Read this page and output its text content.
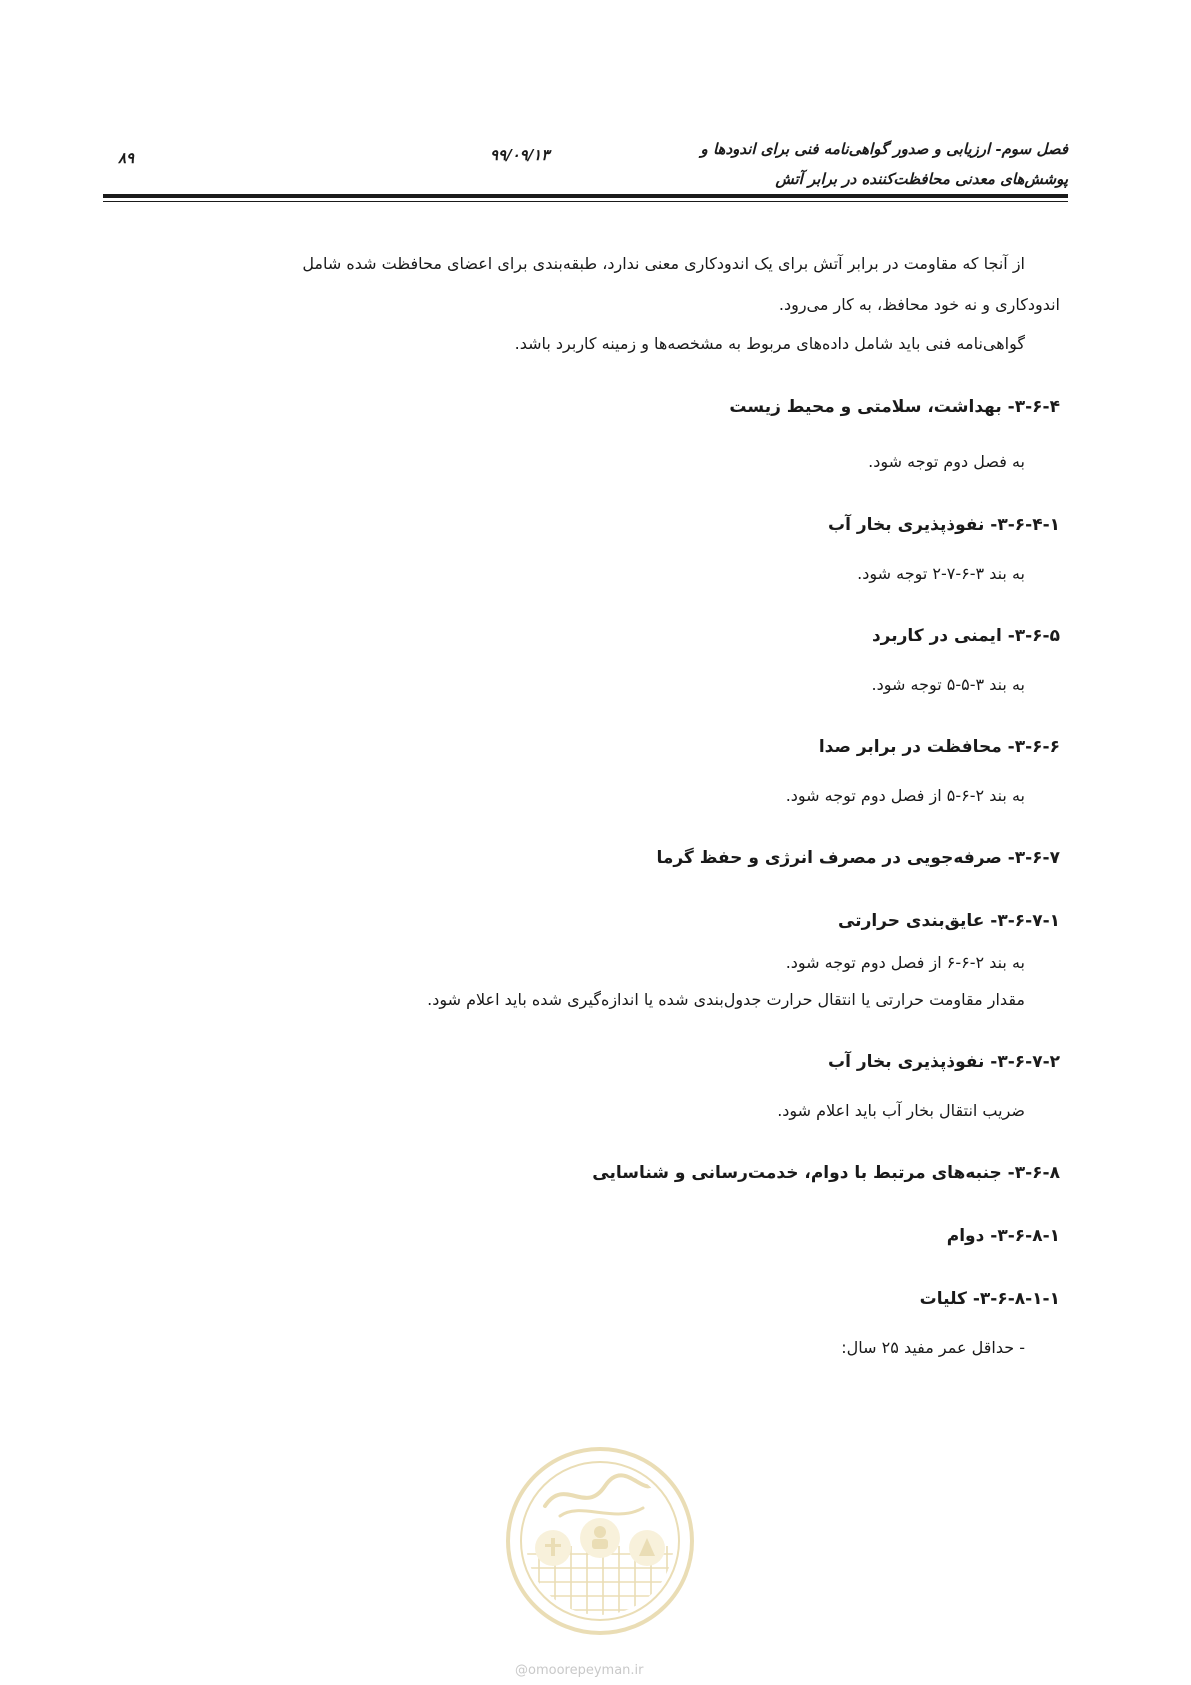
فصل سوم- ارزیابی و صدور گواهی‌نامه فنی برای اندودها و
پوشش‌های معدنی محافظت‌کننده در برابر آتش
۹۹/۰۹/۱۳
۸۹

از آنجا که مقاومت در برابر آتش برای یک اندودکاری معنی ندارد، طبقه‌بندی برای اعضای محافظت شده شامل

اندودکاری و نه خود محافظ، به کار می‌رود.

گواهی‌نامه فنی باید شامل داده‌های مربوط به مشخصه‌ها و زمینه کاربرد باشد.

۳-۶-۴- بهداشت، سلامتی و محیط زیست

به فصل دوم توجه شود.

۳-۶-۴-۱- نفوذپذیری بخار آب

به بند ۳-۶-۷-۲ توجه شود.

۳-۶-۵- ایمنی در کاربرد

به بند ۳-۵-۵ توجه شود.

۳-۶-۶- محافظت در برابر صدا

به بند ۲-۶-۵ از فصل دوم توجه شود.

۳-۶-۷- صرفه‌جویی در مصرف انرژی و حفظ گرما
۳-۶-۷-۱- عایق‌بندی حرارتی

به بند ۲-۶-۶ از فصل دوم توجه شود.

مقدار مقاومت حرارتی یا انتقال حرارت جدول‌بندی شده یا اندازه‌گیری شده باید اعلام شود.

۳-۶-۷-۲- نفوذپذیری بخار آب

ضریب انتقال بخار آب باید اعلام شود.

۳-۶-۸- جنبه‌های مرتبط با دوام، خدمت‌رسانی و شناسایی
۳-۶-۸-۱- دوام
۳-۶-۸-۱-۱- کلیات

- حداقل عمر مفید ۲۵ سال:

@omoorepeyman.ir
